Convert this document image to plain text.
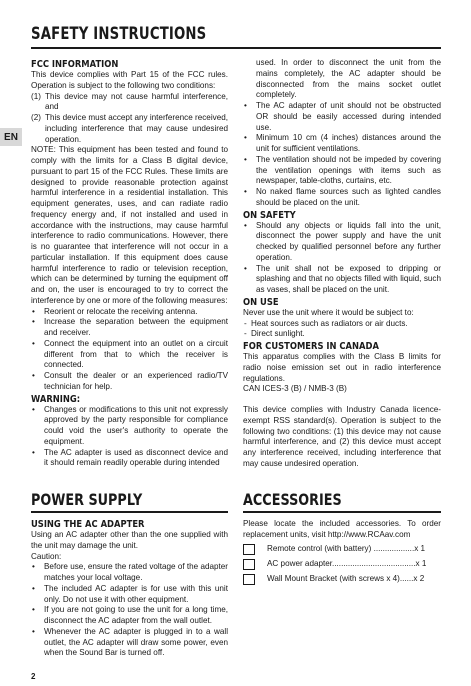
SAFETY INSTRUCTIONS
EN
FCC INFORMATION

This device complies with Part 15 of the FCC rules. Operation is subject to the following two conditions:

(1) This device may not cause harmful interference, and
(2) This device must accept any interference received, including interference that may cause undesired operation.

NOTE: This equipment has been tested and found to comply with the limits for a Class B digital device, pursuant to part 15 of the FCC Rules. These limits are designed to provide reasonable protection against harmful interference in a residential installation. This equipment generates, uses, and can radiate radio frequency energy and, if not installed and used in accordance with the instructions, may cause harmful interference to radio communications. However, there is no guarantee that interference will not occur in a particular installation. If this equipment does cause harmful interference to radio or television reception, which can be determined by turning the equipment off and on, the user is encouraged to try to correct the interference by one or more of the following measures:

• Reorient or relocate the receiving antenna.
• Increase the separation between the equipment and receiver.
• Connect the equipment into an outlet on a circuit different from that to which the receiver is connected.
• Consult the dealer or an experienced radio/TV technician for help.
WARNING:
• Changes or modifications to this unit not expressly approved by the party responsible for compliance could void the user's authority to operate the equipment.
• The AC adapter is used as disconnect device and it should remain readily operable during intended

used. In order to disconnect the unit from the mains completely, the AC adapter should be disconnected from the mains socket outlet completely.

• The AC adapter of unit should not be obstructed OR should be easily accessed during intended use.
• Minimum 10 cm (4 inches) distances around the unit for sufficient ventilations.
• The ventilation should not be impeded by covering the ventilation openings with items such as newspaper, table-cloths, curtains, etc.
• No naked flame sources such as lighted candles should be placed on the unit.
ON SAFETY
• Should any objects or liquids fall into the unit, disconnect the power supply and have the unit checked by qualified personnel before any further operation.
• The unit shall not be exposed to dripping or splashing and that no objects filled with liquid, such as vases, shall be placed on the unit.
ON USE

Never use the unit where it would be subject to:

- Heat sources such as radiators or air ducts.
- Direct sunlight.
FOR CUSTOMERS IN CANADA

This apparatus complies with the Class B limits for radio noise emission set out in radio interference regulations.

CAN ICES-3 (B) / NMB-3 (B)

This device complies with Industry Canada licence-exempt RSS standard(s). Operation is subject to the following two conditions: (1) this device may not cause harmful interference, and (2) this device must accept any interference received, including interference that may cause undesired operation.

POWER SUPPLY
USING THE AC ADAPTER

Using an AC adapter other than the one supplied with the unit may damage the unit.

Caution:

• Before use, ensure the rated voltage of the adapter matches your local voltage.
• The included AC adapter is for use with this unit only. Do not use it with other equipment.
• If you are not going to use the unit for a long time, disconnect the AC adapter from the wall outlet.
• Whenever the AC adapter is plugged in to a wall outlet, the AC adapter will draw some power, even when the Sound Bar is turned off.
ACCESSORIES

Please locate the included accessories. To order replacement units, visit http://www.RCAav.com

Remote control (with battery) ..................x 1
AC power adapter.....................................x 1
Wall Mount Bracket (with screws x 4)......x 2
2
